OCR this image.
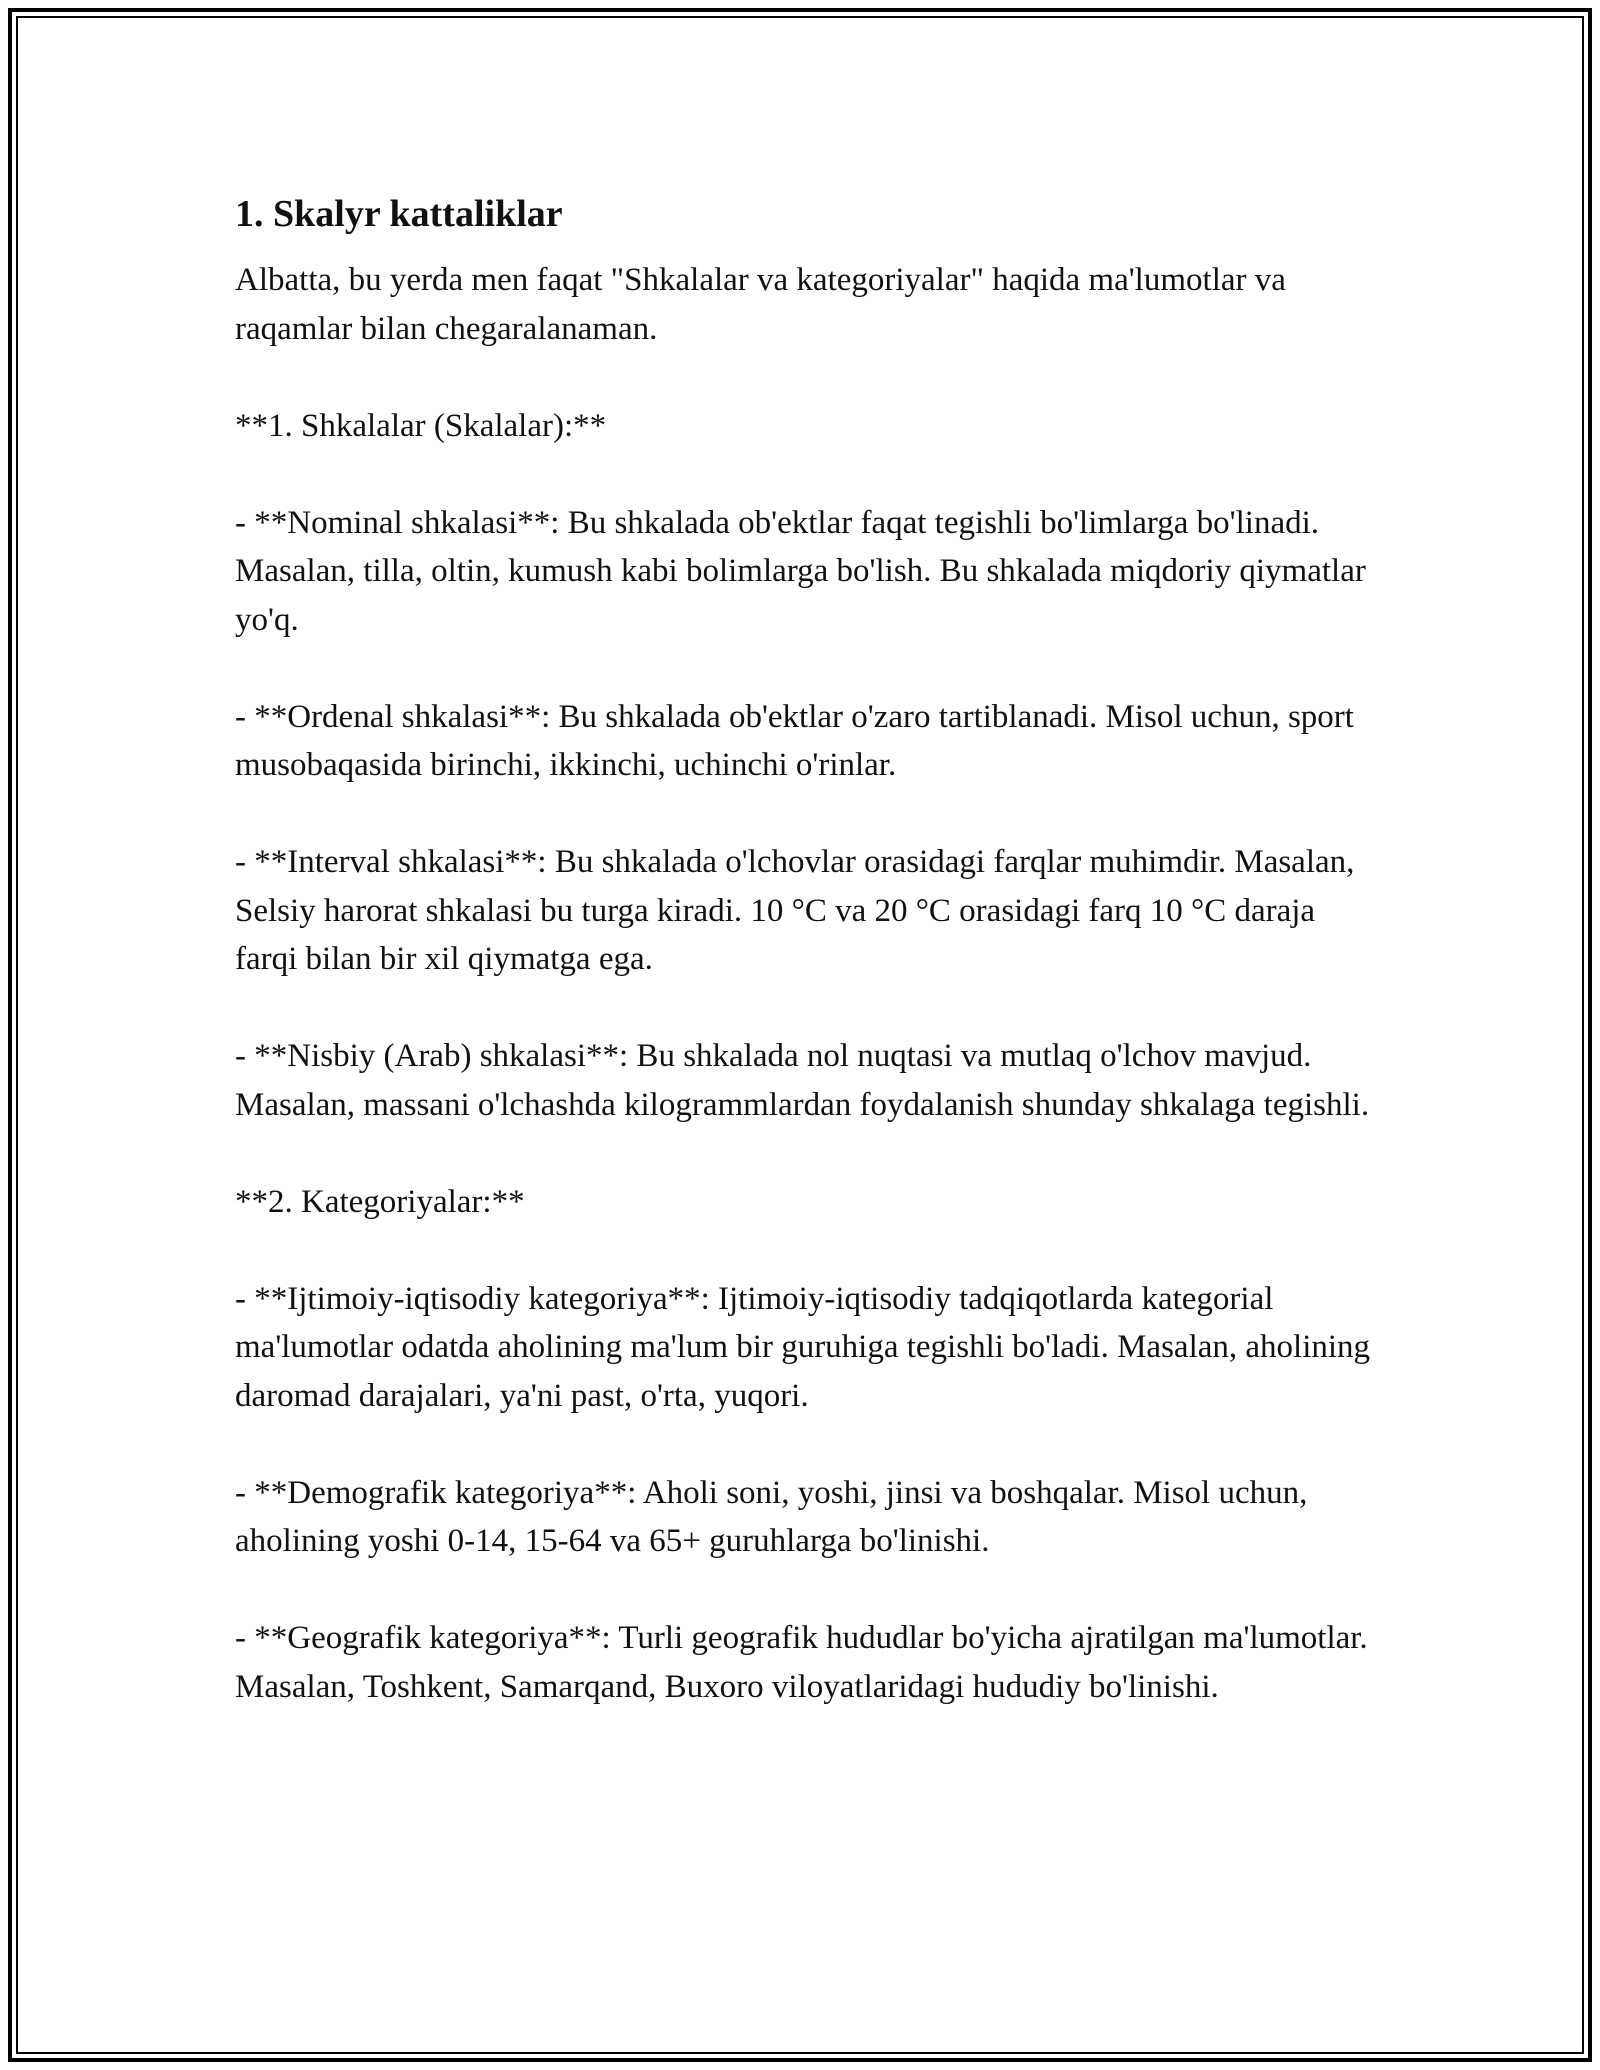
1. Skalyr kattaliklar

Albatta, bu yerda men faqat "Shkalalar va kategoriyalar" haqida ma'lumotlar va raqamlar bilan chegaralanaman.

**1. Shkalalar (Skalalar):**

- **Nominal shkalasi**: Bu shkalada ob'ektlar faqat tegishli bo'limlarga bo'linadi. Masalan, tilla, oltin, kumush kabi bolimlarga bo'lish. Bu shkalada miqdoriy qiymatlar yo'q.

- **Ordenal shkalasi**: Bu shkalada ob'ektlar o'zaro tartiblanadi. Misol uchun, sport musobaqasida birinchi, ikkinchi, uchinchi o'rinlar.

- **Interval shkalasi**: Bu shkalada o'lchovlar orasidagi farqlar muhimdir. Masalan, Selsiy harorat shkalasi bu turga kiradi. 10 °C va 20 °C orasidagi farq 10 °C daraja farqi bilan bir xil qiymatga ega.

- **Nisbiy (Arab) shkalasi**: Bu shkalada nol nuqtasi va mutlaq o'lchov mavjud. Masalan, massani o'lchashda kilogrammlardan foydalanish shunday shkalaga tegishli.

**2. Kategoriyalar:**

- **Ijtimoiy-iqtisodiy kategoriya**: Ijtimoiy-iqtisodiy tadqiqotlarda kategorial ma'lumotlar odatda aholining ma'lum bir guruhiga tegishli bo'ladi. Masalan, aholining daromad darajalari, ya'ni past, o'rta, yuqori.

- **Demografik kategoriya**: Aholi soni, yoshi, jinsi va boshqalar. Misol uchun, aholining yoshi 0-14, 15-64 va 65+ guruhlarga bo'linishi.

- **Geografik kategoriya**: Turli geografik hududlar bo'yicha ajratilgan ma'lumotlar. Masalan, Toshkent, Samarqand, Buxoro viloyatlaridagi hududiy bo'linishi.
